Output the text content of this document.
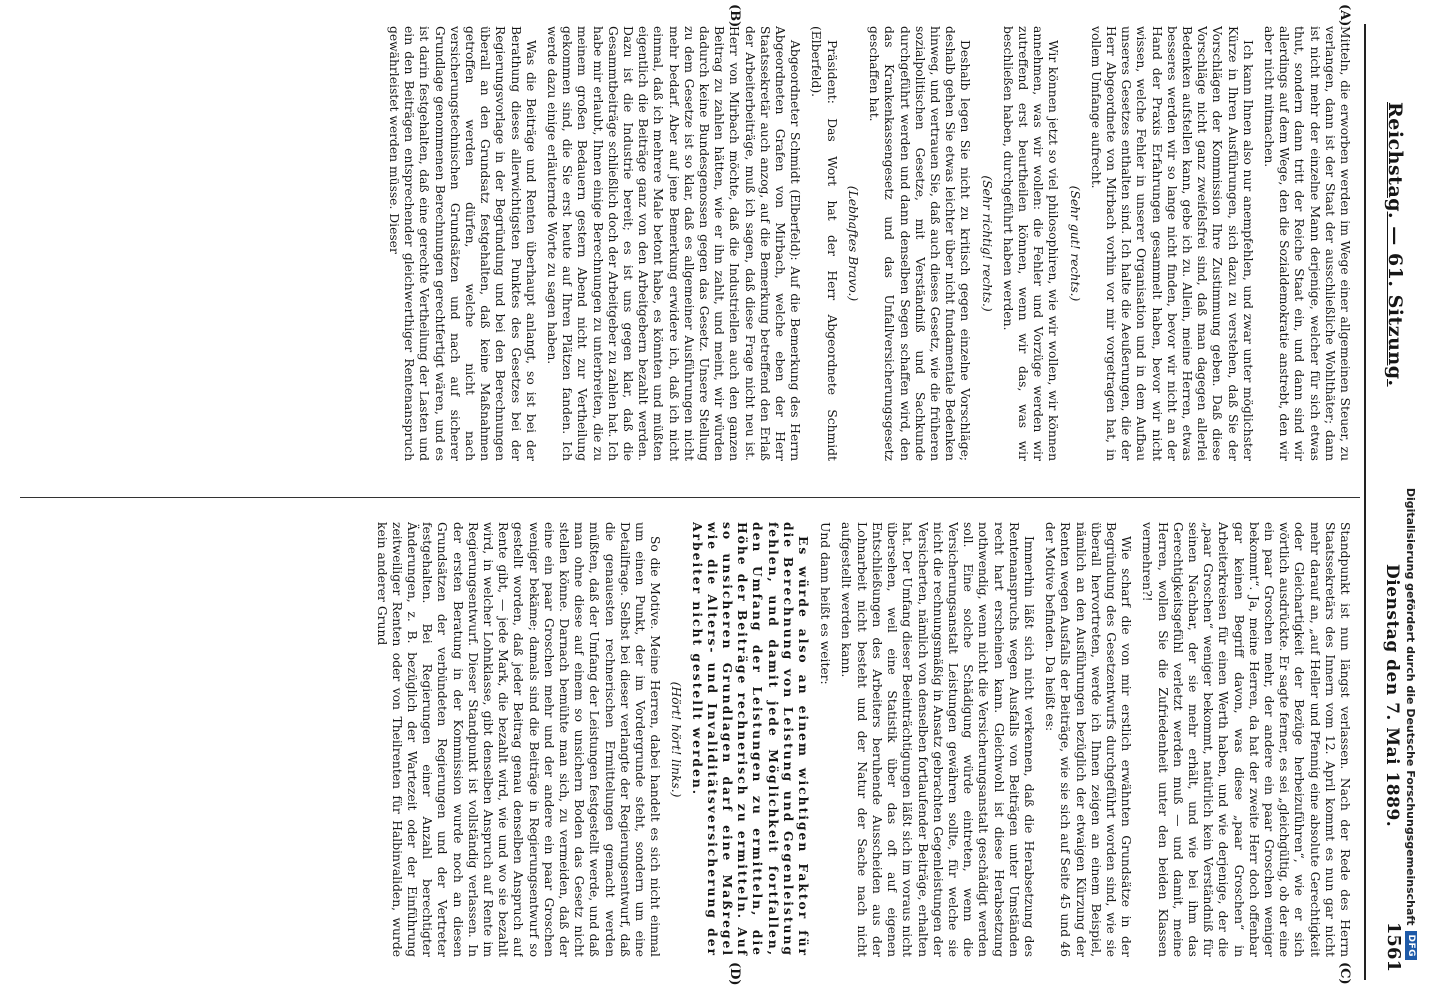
Reichstag. — 61. Sitzung.
Dienstag den 7. Mai 1889.
1561
(A)
(B)
(C)
(D)

Mitteln, die erworben werden im Wege einer allgemeinen Steuer, zu verlangen, dann ist der Staat der ausschließliche Wohlthäter; dann ist nicht mehr der einzelne Mann derjenige, welcher für sich etwas thut, sondern dann tritt der Reiche Staat ein, und dann sind wir allerdings auf dem Wege, den die Sozialdemokratie anstrebt, den wir aber nicht mitmachen.

Ich kann Ihnen also nur anempfehlen, und zwar unter möglichster Kürze in Ihren Ausführungen, sich dazu zu verstehen, daß Sie der Vorschlägen der Kommission Ihre Zustimmung geben. Daß diese Vorschläge nicht ganz zweifelsfrei sind, daß man dagegen allerlei Bedenken aufstellen kann, gebe ich zu. Allein, meine Herren, etwas besseres werden wir so lange nicht finden, bevor wir nicht an der Hand der Praxis Erfahrungen gesammelt haben, bevor wir nicht wissen, welche Fehler in unserer Organisation und in dem Aufbau unseres Gesetzes enthalten sind. Ich halte die Aeußerungen, die der Herr Abgeordnete von Mirbach vorhin vor mir vorgetragen hat, in vollem Umfange aufrecht.

(Sehr gut! rechts.)

Wir können jetzt so viel philosophiren, wie wir wollen, wir können annehmen, was wir wollen: die Fehler und Vorzüge werden wir zutreffend erst beurtheilen können, wenn wir das, was wir beschließen haben, durchgeführt haben werden.

(Sehr richtig! rechts.)

Deshalb legen Sie nicht zu kritisch gegen einzelne Vorschläge; deshalb gehen Sie etwas leichter über nicht fundamentale Bedenken hinweg, und vertrauen Sie, daß auch dieses Gesetz, wie die früheren sozialpolitischen Gesetze, mit Verständniß und Sachkunde durchgeführt werden und dann denselben Segen schaffen wird, den das Krankenkassengesetz und das Unfallversicherungsgesetz geschaffen hat.

(Lebhaftes Bravo.)

Präsident: Das Wort hat der Herr Abgeordnete Schmidt (Elberfeld).

Abgeordneter Schmidt (Elberfeld): Auf die Bemerkung des Herrn Abgeordneten Grafen von Mirbach, welche eben der Herr Staatssekretär auch anzog, auf die Bemerkung betreffend den Erlaß der Arbeiterbeiträge, muß ich sagen, daß diese Frage nicht neu ist. Herr von Mirbach möchte, daß die Industriellen auch den ganzen Beitrag zu zahlen hätten, wie er ihn zahlt, und meint, wir würden dadurch keine Bundesgenossen gegen das Gesetz. Unsere Stellung zu dem Gesetze ist so klar, daß es allgemeiner Ausführungen nicht mehr bedarf. Aber auf jene Bemerkung erwidere ich, daß ich nicht einmal, daß ich mehrere Male betont habe, es könnten und müßten eigentlich die Beiträge ganz von den Arbeitgebern bezahlt werden. Dazu ist die Industrie bereit; es ist uns gegen klar, daß die Gesammtbeiträge schließlich doch der Arbeitgeber zu zahlen hat. Ich habe mir erlaubt, Ihnen einige Berechnungen zu unterbreiten, die zu meinem großen Bedauern gestern Abend nicht zur Vertheilung gekommen sind, die Sie erst heute auf Ihren Plätzen fanden. Ich werde dazu einige erläuternde Worte zu sagen haben.

Was die Beiträge und Renten überhaupt anlangt, so ist bei der Berathung dieses allerwichtigsten Punktes des Gesetzes bei der Regierungsvorlage in der Begründung und bei den Berechnungen überall an den Grundsatz festgehalten, daß keine Maßnahmen getroffen werden dürfen, welche nicht nach versicherungstechnischen Grundsätzen und nach auf sicherer Grundlage genommenen Berechnungen gerechtfertigt wären, und es ist darin festgehalten, daß eine gerechte Vertheilung der Lasten und ein den Beiträgen entsprechender gleichwerthiger Rentenanspruch gewährleistet werden müsse. Dieser

Standpunkt ist nun längst verlassen. Nach der Rede des Herrn Staatssekretärs des Innern vom 12. April kommt es nun gar nicht mehr darauf an, „auf Heller und Pfennig eine absolute Gerechtigkeit oder Gleichartigkeit der Bezüge herbeizuführen“, wie er sich wörtlich ausdrückte. Er sagte ferner, es sei „gleichgültig, ob der eine ein paar Groschen mehr, der andere ein paar Groschen weniger bekommt“. Ja, meine Herren, da hat der zweite Herr doch offenbar gar keinen Begriff davon, was diese „paar Groschen“ in Arbeiterkreisen für einen Werth haben, und wie derjenige, der die „paar Groschen“ weniger bekommt, natürlich kein Verständniß für seinen Nachbar, der sie mehr erhält, und wie bei ihm das Gerechtigkeitsgefühl verletzt werden muß — und damit, meine Herren, wollen Sie die Zufriedenheit unter den beiden Klassen vermehren?!

Wie scharf die von mir erstlich erwähnten Grundsätze in der Begründung des Gesetzentwurfs durchgeführt worden sind, wie sie überall hervortreten, werde ich Ihnen zeigen an einem Beispiel, nämlich an den Ausführungen bezüglich der etwaigen Kürzung der Renten wegen Ausfalls der Beiträge, wie sie sich auf Seite 45 und 46 der Motive befinden. Da heißt es:

Immerhin läßt sich nicht verkennen, daß die Herabsetzung des Rentenanspruchs wegen Ausfalls von Beiträgen unter Umständen recht hart erscheinen kann. Gleichwohl ist diese Herabsetzung nothwendig, wenn nicht die Versicherungsanstalt geschädigt werden soll. Eine solche Schädigung würde eintreten, wenn die Versicherungsanstalt Leistungen gewähren sollte, für welche sie nicht die rechnungsmäßig in Ansatz gebrachten Gegenleistungen der Versicherten, nämlich von denselben fortlaufender Beiträge, erhalten hat. Der Umfang dieser Beeinträchtigungen läßt sich im voraus nicht übersehen, weil eine Statistik über das oft auf eigenen Entschließungen des Arbeiters beruhende Ausscheiden aus der Lohnarbeit nicht besteht und der Natur der Sache nach nicht aufgestellt werden kann.

Und dann heißt es weiter:

Es würde also an einem wichtigen Faktor für die Berechnung von Leistung und Gegenleistung fehlen, und damit jede Möglichkeit fortfallen, den Umfang der Leistungen zu ermitteln, die Höhe der Beiträge rechnerisch zu ermitteln. Auf so unsicheren Grundlagen darf eine Maßregel wie die Alters- und Invaliditätsversicherung der Arbeiter nicht gestellt werden.

(Hört! hört! links.)

So die Motive. Meine Herren, dabei handelt es sich nicht einmal um einen Punkt, der im Vordergrunde steht, sondern um eine Detailfrage. Selbst bei dieser verlangte der Regierungsentwurf, daß die genauesten rechnerischen Ermittelungen gemacht werden müßten, daß der Umfang der Leistungen festgestellt werde, und daß man ohne diese auf einem so unsichern Boden das Gesetz nicht stellen könne. Darnach bemühte man sich, zu vermeiden, daß der eine ein paar Groschen mehr und der andere ein paar Groschen weniger bekäme; damals sind die Beiträge in Regierungsentwurf so gestellt worden, daß jeder Beitrag genau denselben Anspruch auf Rente gibt, — jede Mark, die bezahlt wird, wie und wo sie bezahlt wird, in welcher Lohnklasse, gibt denselben Anspruch auf Rente im Regierungsentwurf. Dieser Standpunkt ist vollständig verlassen. In der ersten Beratung in der Kommission wurde noch an diesen Grundsätzen der verbündeten Regierungen und der Vertreter festgehalten. Bei Regierungen einer Anzahl berechtigter Änderungen, z. B. bezüglich der Wartezeit oder der Einführung zeitweiliger Renten oder von Theilrenten für Halbinvaliden, wurde kein anderer Grund	Digitalisierung gefördert durch die Deutsche Forschungsgemeinschaft
DFG
